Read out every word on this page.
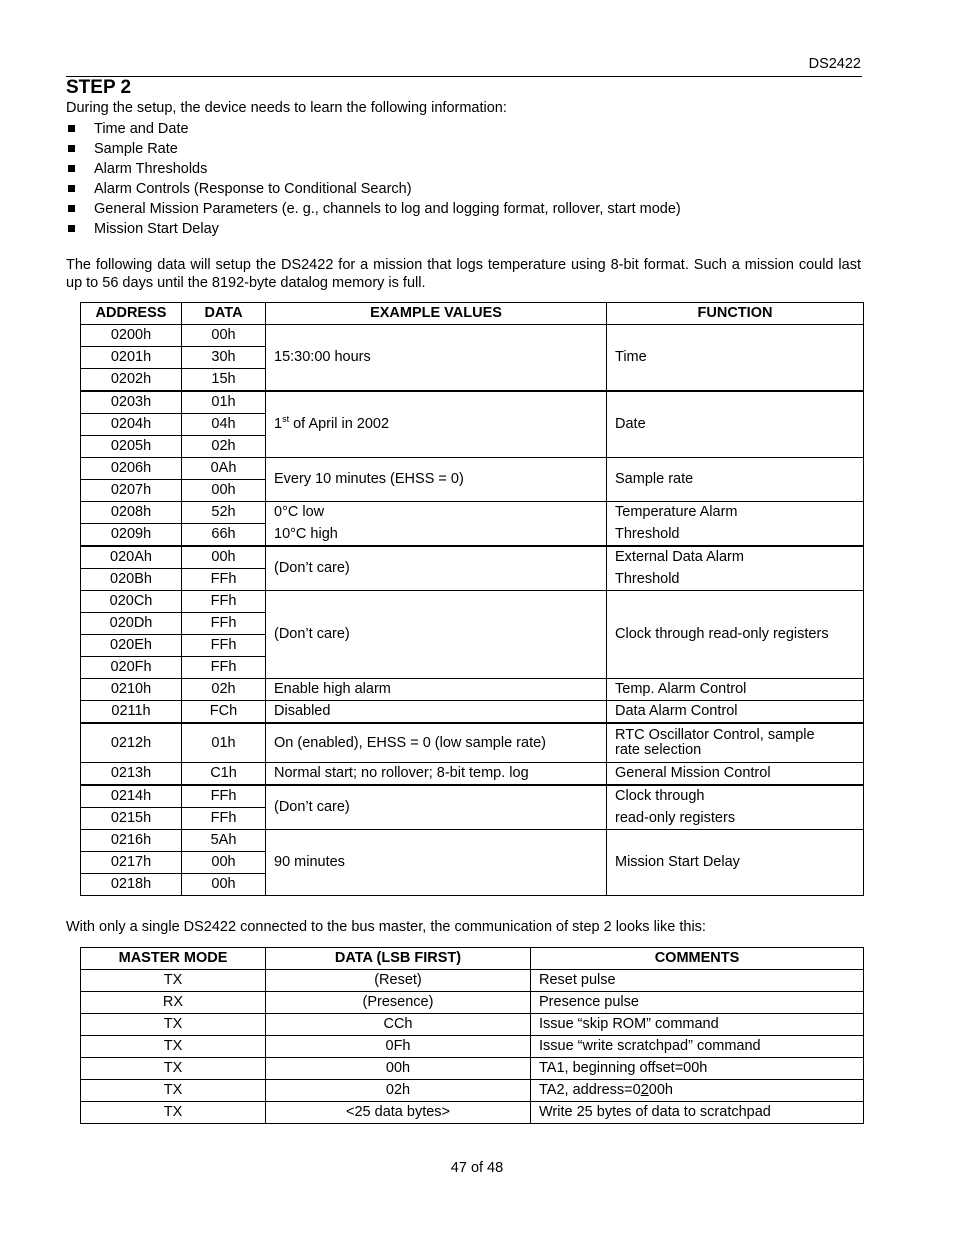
DS2422
STEP 2
During the setup, the device needs to learn the following information:
Time and Date
Sample Rate
Alarm Thresholds
Alarm Controls (Response to Conditional Search)
General Mission Parameters (e. g., channels to log and logging format, rollover, start mode)
Mission Start Delay
The following data will setup the DS2422 for a mission that logs temperature using 8-bit format. Such a mission could last up to 56 days until the 8192-byte datalog memory is full.
ADDRESS	DATA	EXAMPLE VALUES	FUNCTION
0200h	00h	15:30:00 hours	Time
0201h	30h		
0202h	15h		
0203h	01h	1st of April in 2002	Date
0204h	04h		
0205h	02h		
0206h	0Ah	Every 10 minutes (EHSS = 0)	Sample rate
0207h	00h		
0208h	52h	0°C low	Temperature Alarm
0209h	66h	10°C high	Threshold
020Ah	00h	(Don’t care)	External Data Alarm
020Bh	FFh		Threshold
020Ch	FFh	(Don’t care)	Clock through read-only registers
020Dh	FFh		
020Eh	FFh		
020Fh	FFh		
0210h	02h	Enable high alarm	Temp. Alarm Control
0211h	FCh	Disabled	Data Alarm Control
0212h	01h	On (enabled), EHSS = 0 (low sample rate)	RTC Oscillator Control, sample
rate selection
0213h	C1h	Normal start; no rollover; 8-bit temp. log	General Mission Control
0214h	FFh	(Don’t care)	Clock through
0215h	FFh		read-only registers
0216h	5Ah	90 minutes	Mission Start Delay
0217h	00h		
0218h	00h		
With only a single DS2422 connected to the bus master, the communication of step 2 looks like this:
MASTER MODE	DATA (LSB FIRST)	COMMENTS
TX	(Reset)	Reset pulse
RX	(Presence)	Presence pulse
TX	CCh	Issue “skip ROM” command
TX	0Fh	Issue “write scratchpad” command
TX	00h	TA1, beginning offset=00h
TX	02h	TA2, address=0200h
TX	<25 data bytes>	Write 25 bytes of data to scratchpad
47 of 48
